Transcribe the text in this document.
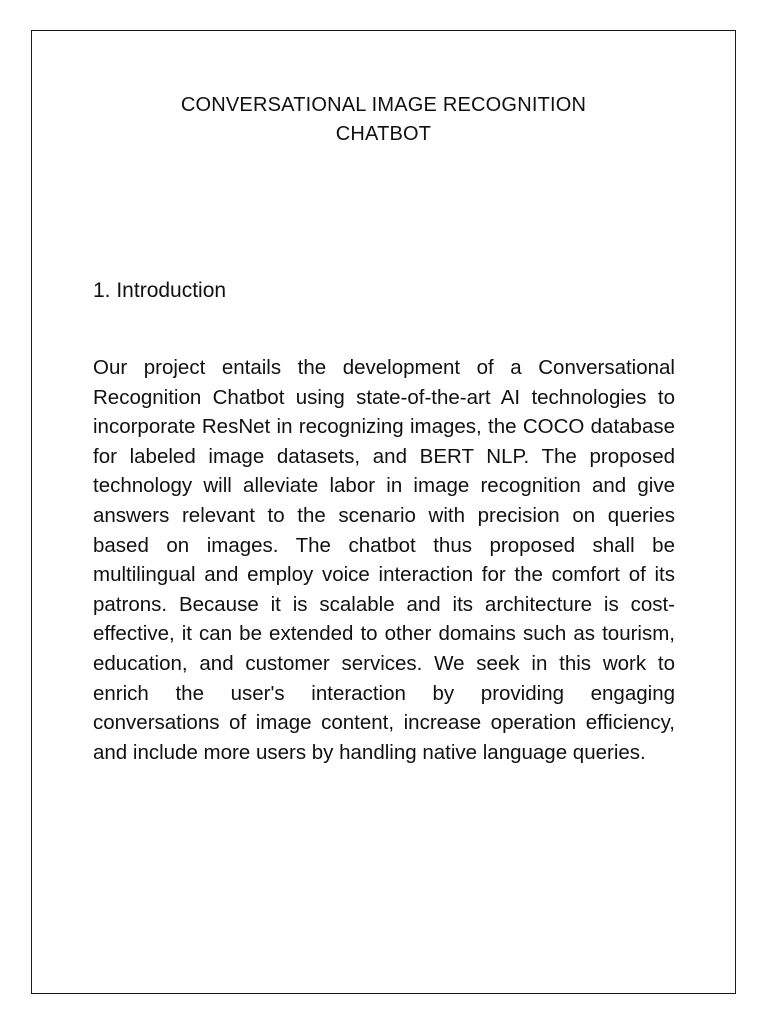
CONVERSATIONAL IMAGE RECOGNITION
CHATBOT
1. Introduction

Our project entails the development of a Conversational Recognition Chatbot using state-of-the-art AI technologies to incorporate ResNet in recognizing images, the COCO database for labeled image datasets, and BERT NLP. The proposed technology will alleviate labor in image recognition and give answers relevant to the scenario with precision on queries based on images. The chatbot thus proposed shall be multilingual and employ voice interaction for the comfort of its patrons. Because it is scalable and its architecture is cost-effective, it can be extended to other domains such as tourism, education, and customer services. We seek in this work to enrich the user's interaction by providing engaging conversations of image content, increase operation efficiency, and include more users by handling native language queries.
